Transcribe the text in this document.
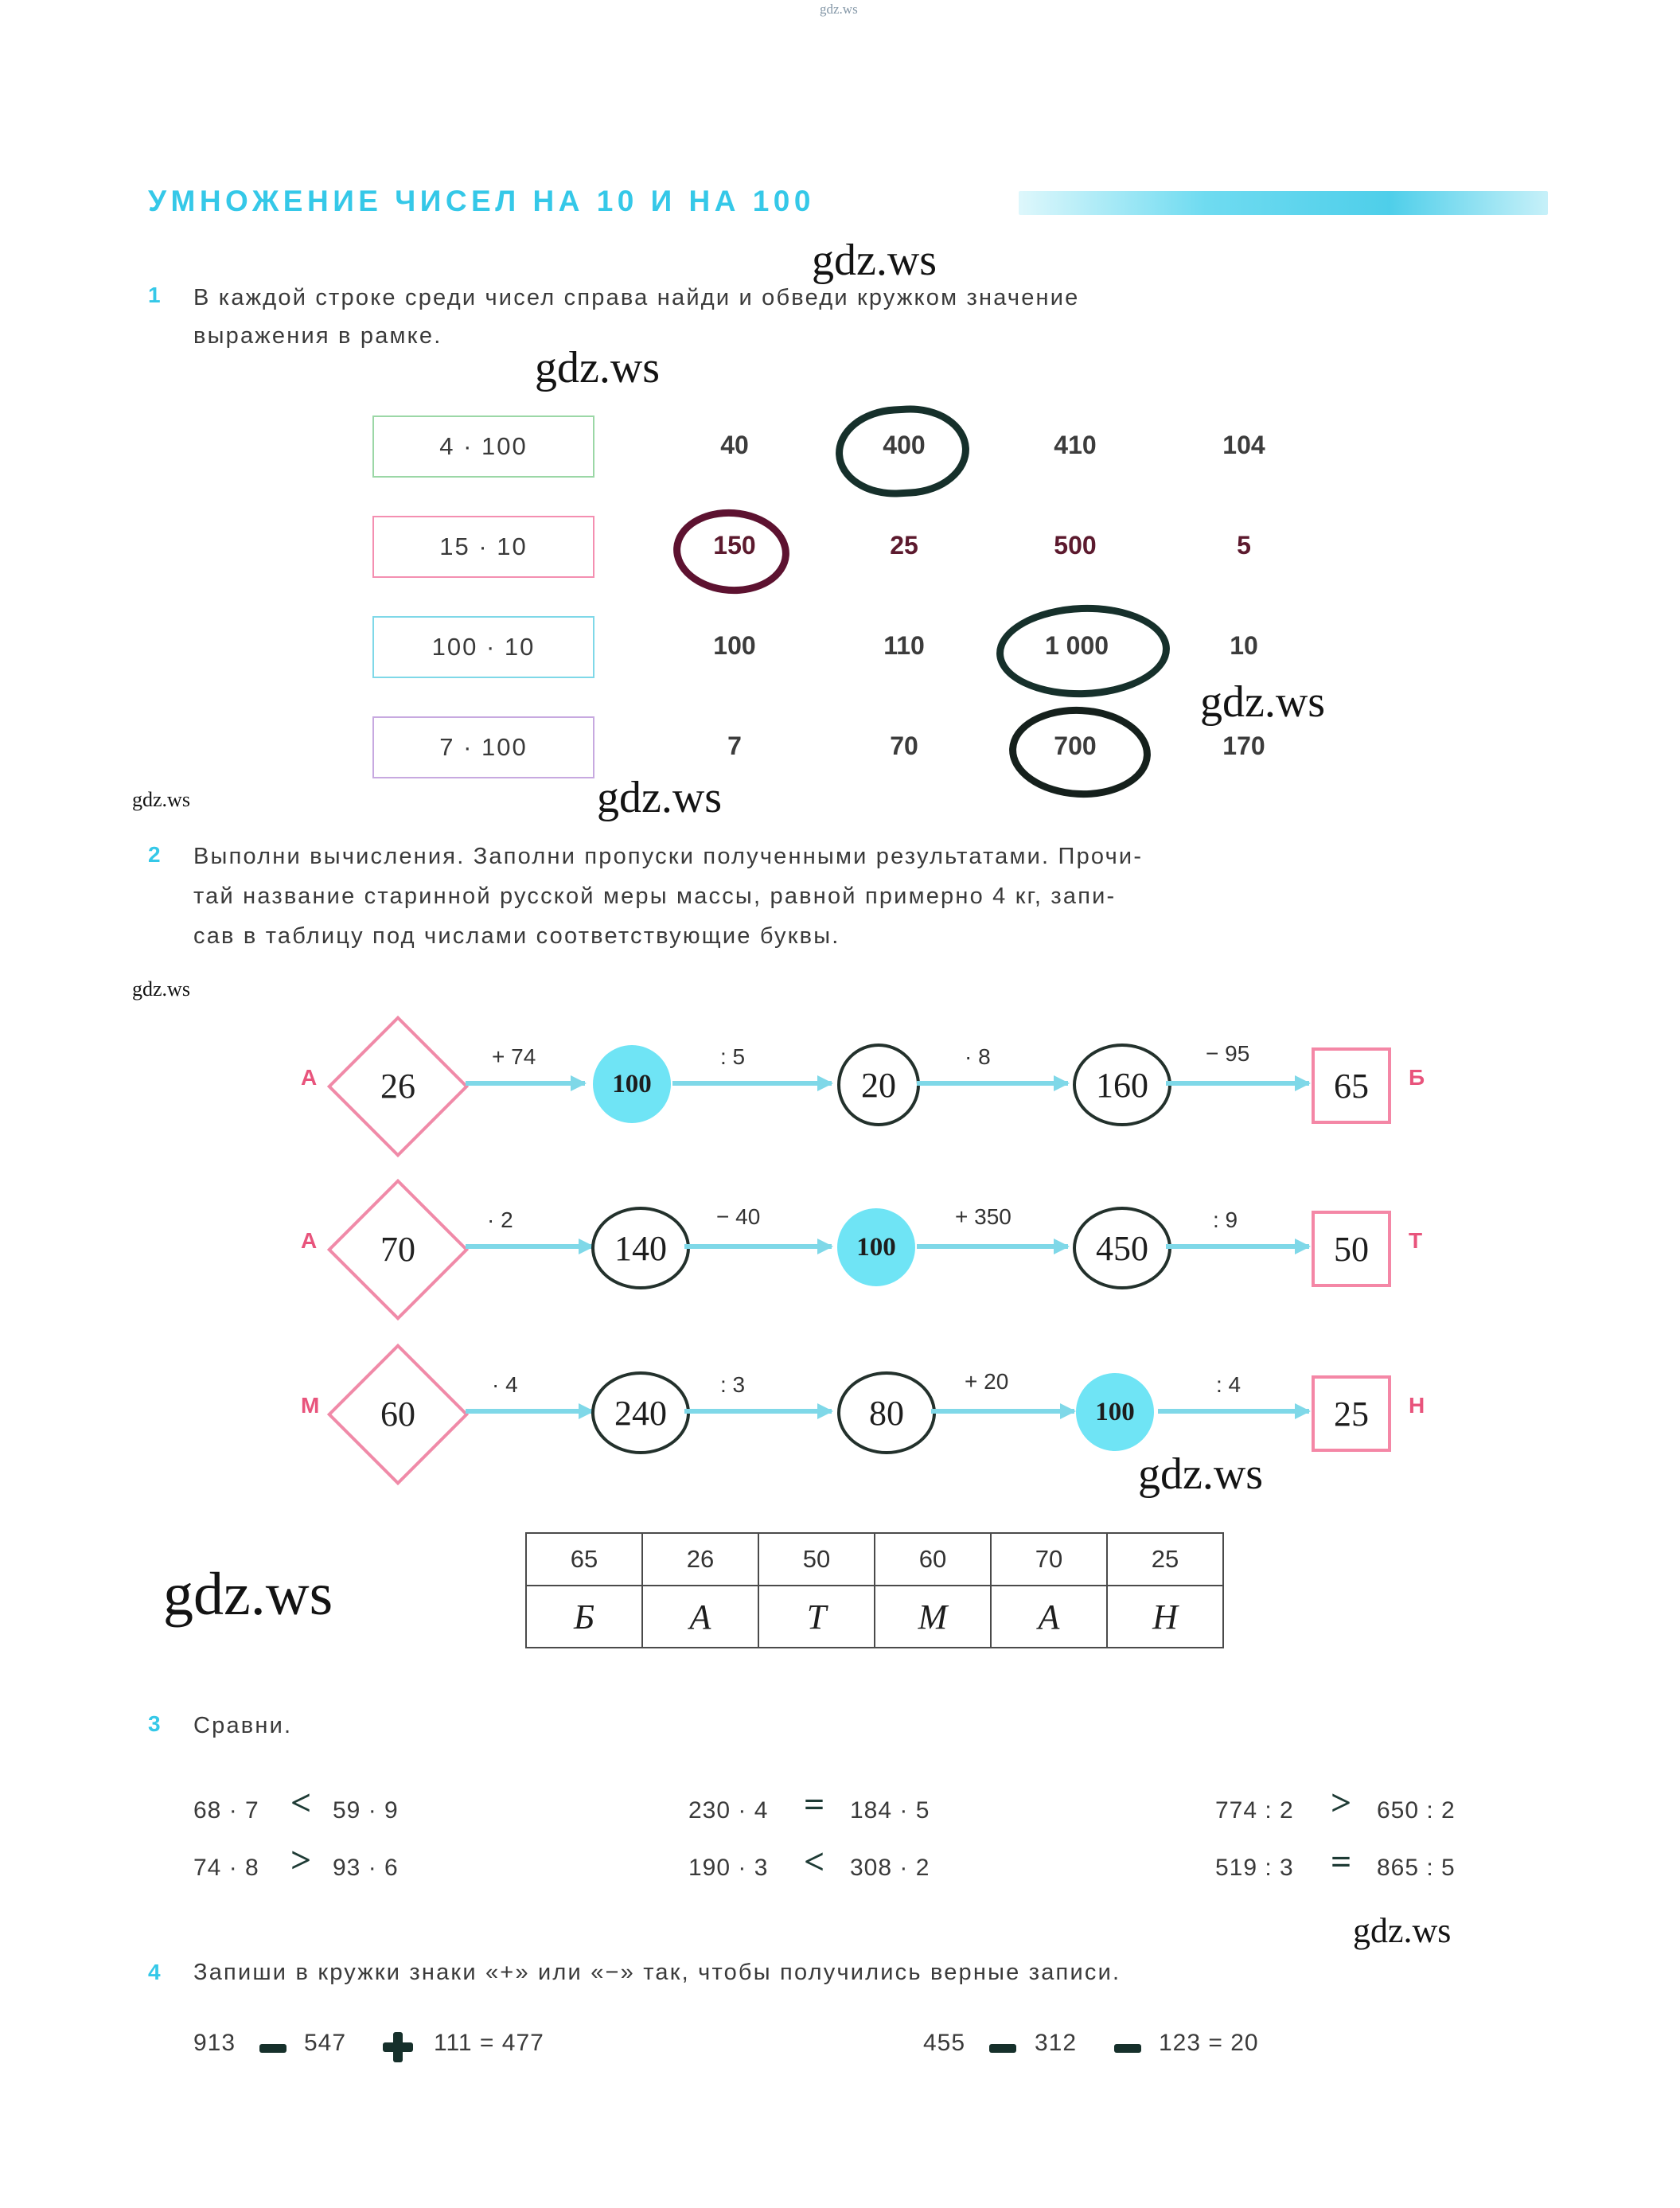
gdz.ws
УМНОЖЕНИЕ ЧИСЕЛ НА 10 И НА 100
1 В каждой строке среди чисел справа найди и обведи кружком значение
выражения в рамке.
4 · 100	40	400	410	104
15 · 10	150	25	500	5
100 · 10	100	110	1 000	10
7 · 100	7	70	700	170
2 Выполни вычисления. Заполни пропуски полученными результатами. Прочи-
тай название старинной русской меры массы, равной примерно 4 кг, запи-
сав в таблицу под числами соответствующие буквы.
А	26
+ 74
100
: 5
20
· 8
160
− 95
65	Б
А	70
· 2
140
− 40
100
+ 350
450
: 9
50	Т
М	60
· 4
240
: 3
80
+ 20
100
: 4
25	Н
65	26	50	60	70	25
Б	А	Т	М	А	Н
3 Сравни.
68 · 7 < 59 · 9
74 · 8 > 93 · 6
230 · 4 = 184 · 5
190 · 3 < 308 · 2
774 : 2 > 650 : 2
519 : 3 = 865 : 5
4 Запиши в кружки знаки «+» или «−» так, чтобы получились верные записи.
913	547	111 = 477	455	312	123 = 20
gdz.ws
gdz.ws
gdz.ws
gdz.ws	gdz.ws
gdz.ws
gdz.ws
gdz.ws
gdz.ws
